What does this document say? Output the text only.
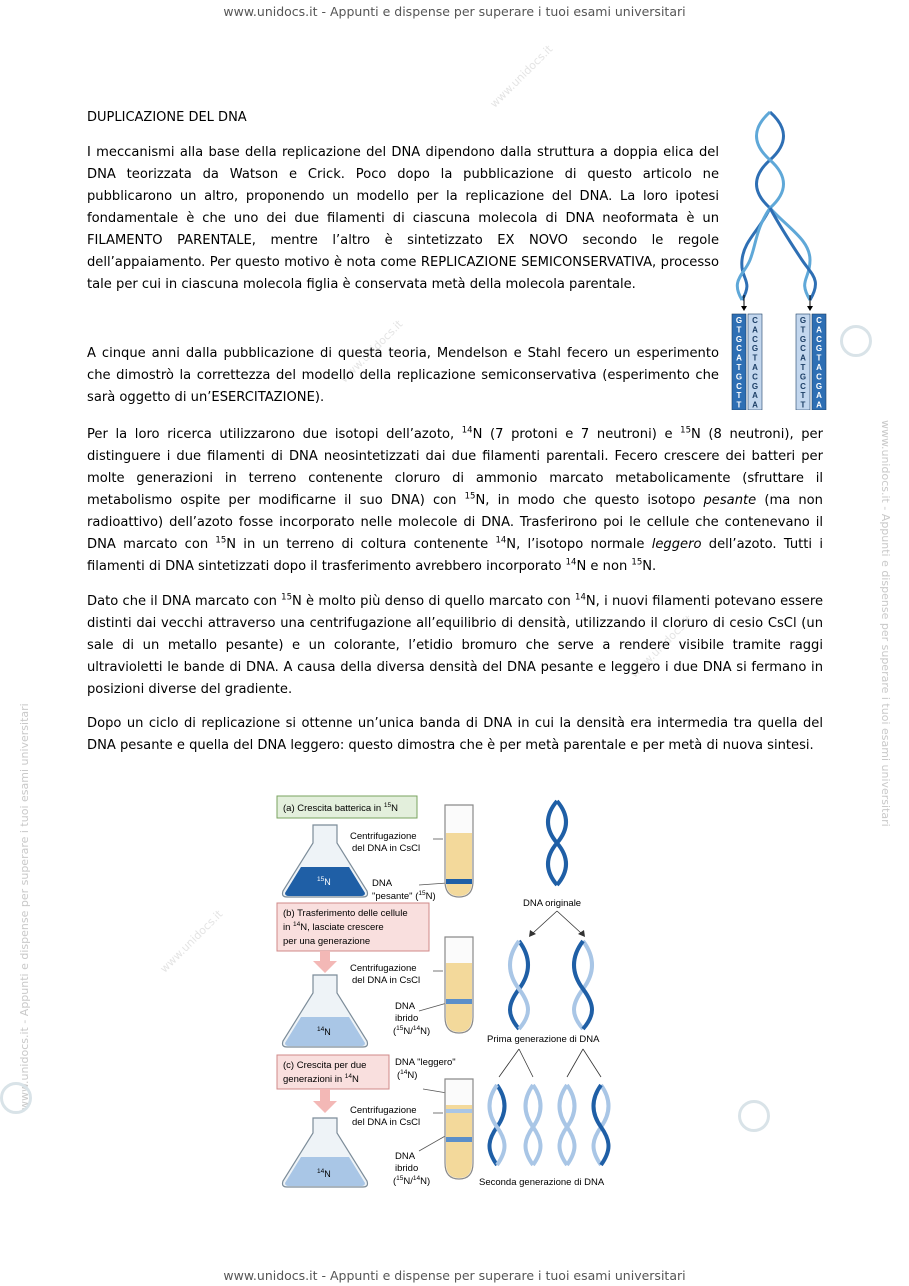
www.unidocs.it - Appunti e dispense per superare i tuoi esami universitari
www.unidocs.it - Appunti e dispense per superare i tuoi esami universitari
www.unidocs.it - Appunti e dispense per superare i tuoi esami universitari
www.unidocs.it - Appunti e dispense per superare i tuoi esami universitari
www.unidocs.it
www.unidocs.it
www.unidocs.it
www.unidocs.it
DUPLICAZIONE DEL DNA

I meccanismi alla base della replicazione del DNA dipendono dalla struttura a doppia elica del DNA teorizzata da Watson e Crick. Poco dopo la pubblicazione di questo articolo ne pubblicarono un altro, proponendo un modello per la replicazione del DNA. La loro ipotesi fondamentale è che uno dei due filamenti di ciascuna molecola di DNA neoformata è un FILAMENTO PARENTALE, mentre l’altro è sintetizzato EX NOVO secondo le regole dell’appaiamento. Per questo motivo è nota come REPLICAZIONE SEMICONSERVATIVA, processo tale per cui in ciascuna molecola figlia è conservata metà della molecola parentale.

A cinque anni dalla pubblicazione di questa teoria, Mendelson e Stahl fecero un esperimento che dimostrò la correttezza del modello della replicazione semiconservativa (esperimento che sarà oggetto di un’ESERCITAZIONE).

Per la loro ricerca utilizzarono due isotopi dell’azoto, $^{14}$N (7 protoni e 7 neutroni) e $^{15}$N (8 neutroni), per distinguere i due filamenti di DNA neosintetizzati dai due filamenti parentali. Fecero crescere dei batteri per molte generazioni in terreno contenente cloruro di ammonio marcato metabolicamente (sfruttare il metabolismo ospite per modificarne il suo DNA) con $^{15}$N, in modo che questo isotopo pesante (ma non radioattivo) dell’azoto fosse incorporato nelle molecole di DNA. Trasferirono poi le cellule che contenevano il DNA marcato con $^{15}$N in un terreno di coltura contenente $^{14}$N, l’isotopo normale leggero dell’azoto. Tutti i filamenti di DNA sintetizzati dopo il trasferimento avrebbero incorporato $^{14}$N e non $^{15}$N.

Dato che il DNA marcato con $^{15}$N è molto più denso di quello marcato con $^{14}$N, i nuovi filamenti potevano essere distinti dai vecchi attraverso una centrifugazione all’equilibrio di densità, utilizzando il cloruro di cesio CsCl (un sale di un metallo pesante) e un colorante, l’etidio bromuro che serve a rendere visibile tramite raggi ultravioletti le bande di DNA. A causa della diversa densità del DNA pesante e leggero i due DNA si fermano in posizioni diverse del gradiente.

Dopo un ciclo di replicazione si ottenne un’unica banda di DNA in cui la densità era intermedia tra quella del DNA pesante e quella del DNA leggero: questo dimostra che è per metà parentale e per metà di nuova sintesi.

G
T
G
C
A
T
G
C
T
T
C
A
C
G
T
A
C
G
A
A
G
T
G
C
A
T
G
C
T
T
C
A
C
G
T
A
C
G
A
A
(a) Crescita batterica in $^{15}$N
(b) Trasferimento delle cellule
in $^{14}$N, lasciate crescere
per una generazione
(c) Crescita per due
generazioni in $^{14}$N
$^{15}$N
$^{14}$N
$^{14}$N
Centrifugazione
del DNA in CsCl
Centrifugazione
del DNA in CsCl
Centrifugazione
del DNA in CsCl
DNA
"pesante" ($^{15}$N)
DNA
ibrido
($^{15}$N/$^{14}$N)
DNA "leggero"
($^{14}$N)
DNA
ibrido
($^{15}$N/$^{14}$N)
DNA originale
Prima generazione di DNA
Seconda generazione di DNA
